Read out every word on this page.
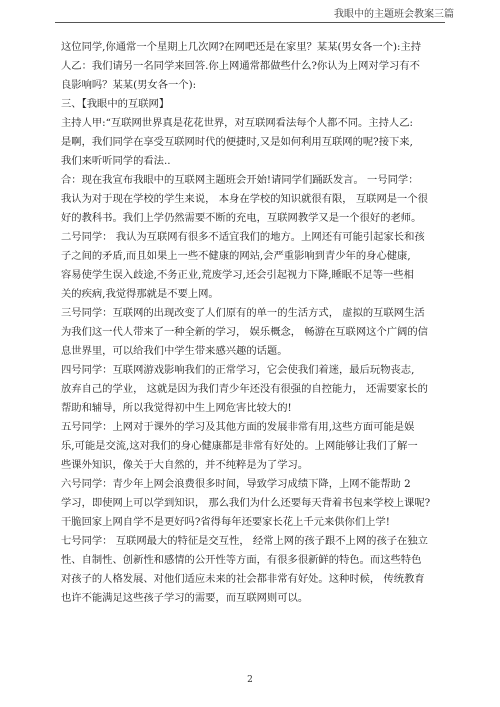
我眼中的主题班会教案三篇
这位同学,你通常一个星期上几次网?在网吧还是在家里？某某(男女各一个):主持
人乙：我们请另一名同学来回答.你上网通常都做些什么?你认为上网对学习有不
良影响吗？某某(男女各一个):
三、【我眼中的互联网】
主持人甲:“互联网世界真是花花世界，对互联网看法每个人都不同。主持人乙:
是啊，我们同学在享受互联网时代的便捷时,又是如何利用互联网的呢?接下来,
我们来听听同学的看法..
合：现在我宣布我眼中的互联网主题班会开始!请同学们踊跃发言。 一号同学：
我认为对于现在学校的学生来说， 本身在学校的知识就很有限， 互联网是一个很
好的教科书。我们上学仍然需要不断的充电，互联网教学又是一个很好的老师。
二号同学： 我认为互联网有很多不适宜我们的地方。上网还有可能引起家长和孩
子之间的矛盾,而且如果上一些不健康的网站,会严重影响到青少年的身心健康,
容易使学生误入歧途,不务正业,荒废学习,还会引起视力下降,睡眠不足等一些相
关的疾病,我觉得那就是不要上网。
三号同学：互联网的出现改变了人们原有的单一的生活方式， 虚拟的互联网生活
为我们这一代人带来了一种全新的学习， 娱乐概念， 畅游在互联网这个广阔的信
息世界里，可以给我们中学生带来感兴趣的话题。
四号同学：互联网游戏影响我们的正常学习，它会使我们着迷，最后玩物丧志,
放弃自己的学业， 这就是因为我们青少年还没有很强的自控能力， 还需要家长的
帮助和辅导，所以我觉得初中生上网危害比较大的!
五号同学：上网对于课外的学习及其他方面的发展非常有用,这些方面可能是娱
乐,可能是交流,这对我们的身心健康都是非常有好处的。上网能够让我们了解一
些课外知识，像关于大自然的，并不纯粹是为了学习。
六号同学：青少年上网会浪费很多时间，导致学习成绩下降，上网不能帮助 2
学习，即使网上可以学到知识， 那么我们为什么还要每天背着书包来学校上课呢?
干脆回家上网自学不是更好吗?省得每年还要家长花上千元来供你们上学!
七号同学： 互联网最大的特征是交互性， 经常上网的孩子跟不上网的孩子在独立
性、自制性、创新性和感情的公开性等方面，有很多很新鲜的特色。而这些特色
对孩子的人格发展、对他们适应未来的社会都非常有好处。这种时候， 传统教育
也许不能满足这些孩子学习的需要，而互联网则可以。
2
